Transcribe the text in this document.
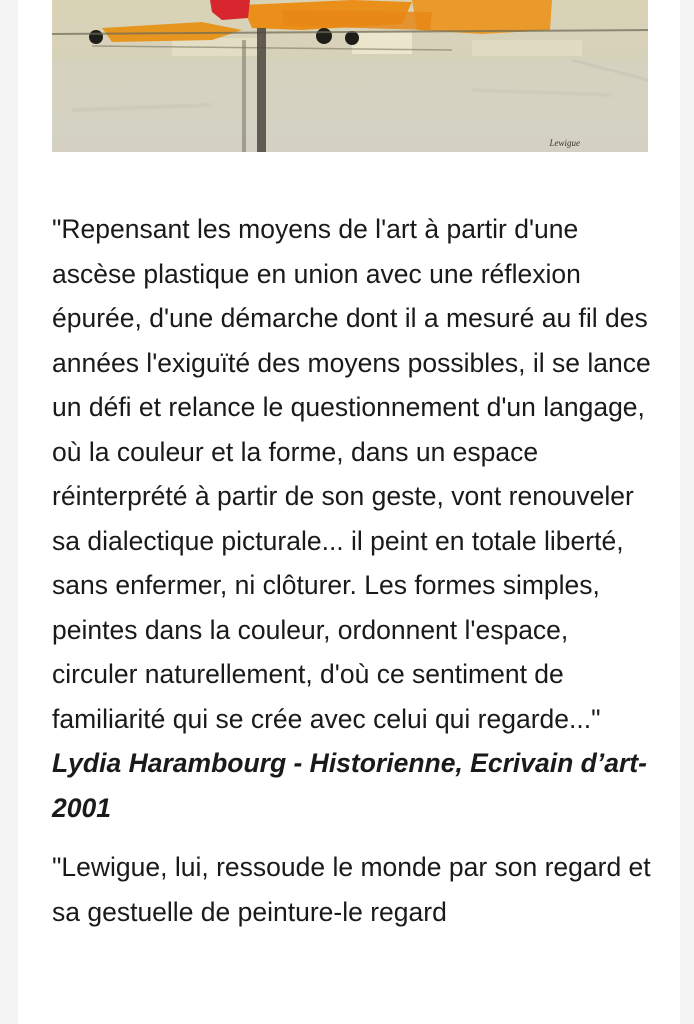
Lewigue

"Repensant les moyens de l'art à partir d'une ascèse plastique en union avec une réflexion épurée, d'une démarche dont il a mesuré au fil des années l'exiguïté des moyens possibles, il se lance un défi et relance le questionnement d'un langage, où la couleur et la forme, dans un espace réinterprété à partir de son geste, vont renouveler sa dialectique picturale... il peint en totale liberté, sans enfermer, ni clôturer. Les formes simples, peintes dans la couleur, ordonnent l'espace, circuler naturellement, d'où ce sentiment de familiarité qui se crée avec celui qui regarde..." Lydia Harambourg - Historienne, Ecrivain d’art-2001

"Lewigue, lui, ressoude le monde par son regard et sa gestuelle de peinture-le regard
